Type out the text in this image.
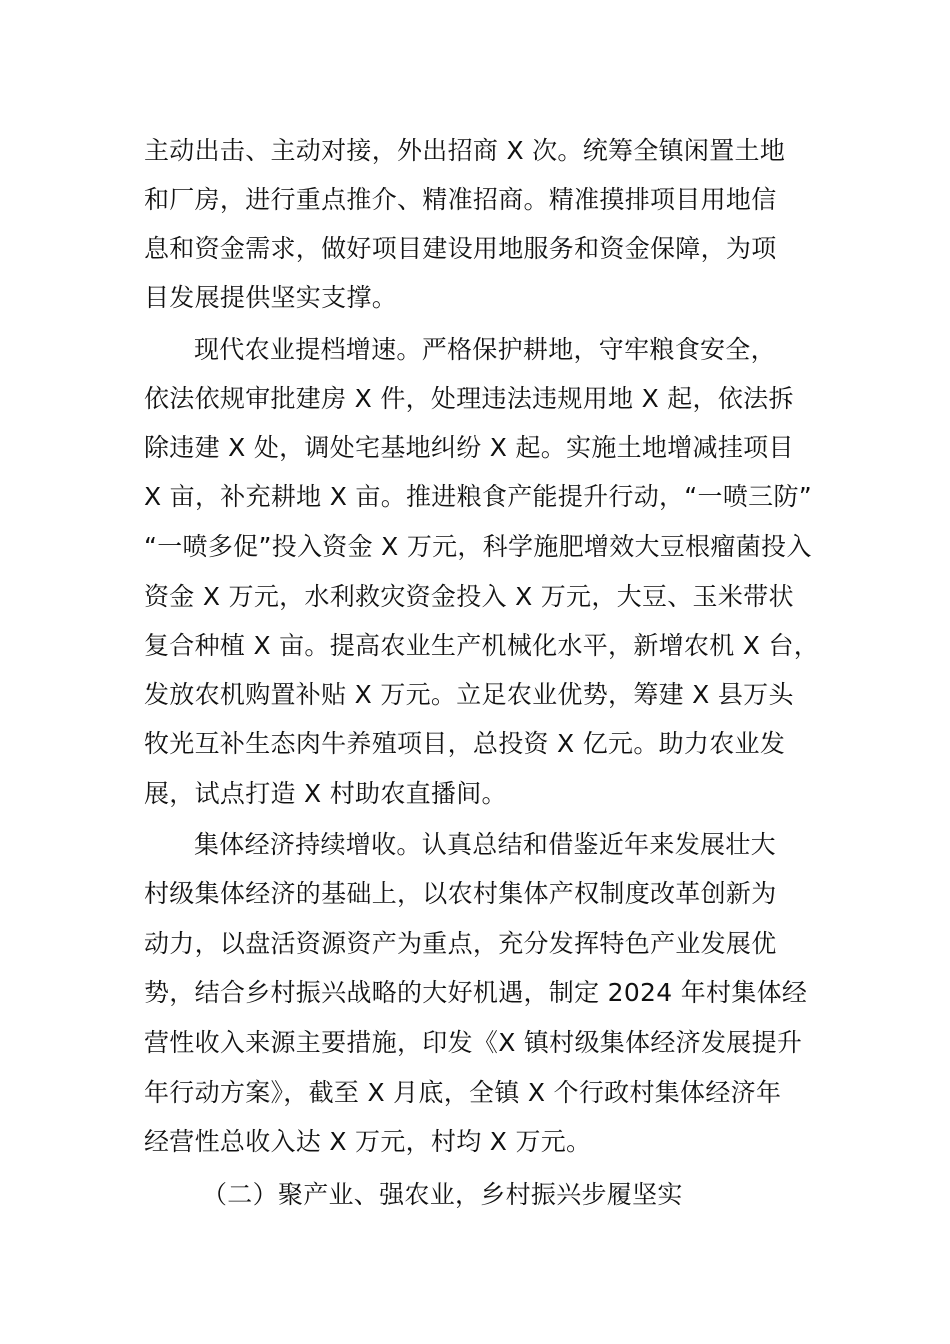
主动出击、主动对接，外出招商 X 次。统筹全镇闲置土地
和厂房，进行重点推介、精准招商。精准摸排项目用地信
息和资金需求，做好项目建设用地服务和资金保障，为项
目发展提供坚实支撑。
现代农业提档增速。严格保护耕地，守牢粮食安全，
依法依规审批建房 X 件，处理违法违规用地 X 起，依法拆
除违建 X 处，调处宅基地纠纷 X 起。实施土地增减挂项目
X 亩，补充耕地 X 亩。推进粮食产能提升行动，“一喷三防”
“一喷多促”投入资金 X 万元，科学施肥增效大豆根瘤菌投入
资金 X 万元，水利救灾资金投入 X 万元，大豆、玉米带状
复合种植 X 亩。提高农业生产机械化水平，新增农机 X 台，
发放农机购置补贴 X 万元。立足农业优势，筹建 X 县万头
牧光互补生态肉牛养殖项目，总投资 X 亿元。助力农业发
展，试点打造 X 村助农直播间。
集体经济持续增收。认真总结和借鉴近年来发展壮大
村级集体经济的基础上，以农村集体产权制度改革创新为
动力，以盘活资源资产为重点，充分发挥特色产业发展优
势，结合乡村振兴战略的大好机遇，制定 2024 年村集体经
营性收入来源主要措施，印发《X 镇村级集体经济发展提升
年行动方案》，截至 X 月底，全镇 X 个行政村集体经济年
经营性总收入达 X 万元，村均 X 万元。
（二）聚产业、强农业，乡村振兴步履坚实
